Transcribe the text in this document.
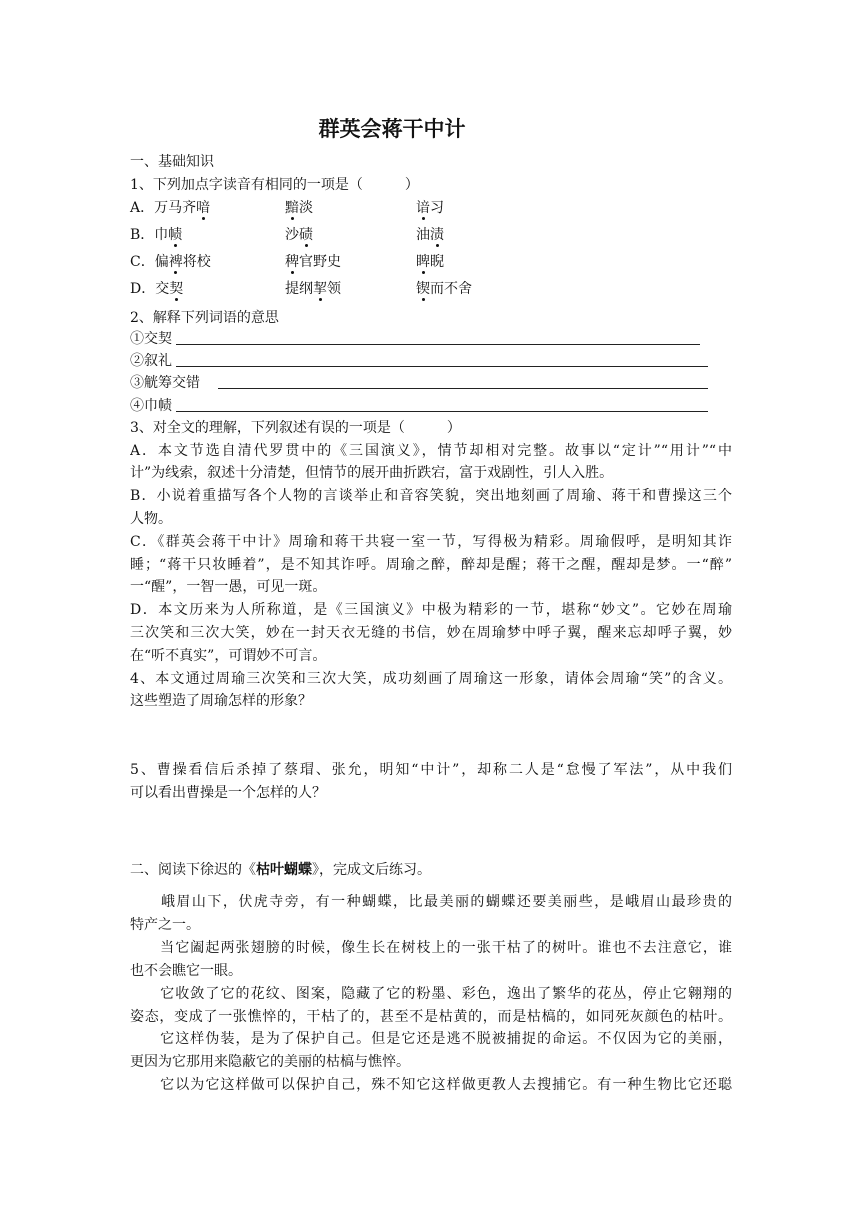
群英会蒋干中计
一、基础知识
1、下列加点字读音有相同的一项是（　　　）
A．万马齐喑	黯淡	谙习
B．巾帻	沙碛	油渍
C．偏裨将校	稗官野史	睥睨
D．交契	提纲挈领	锲而不舍
2、解释下列词语的意思
①交契
②叙礼
③觥筹交错
④巾帻
3、对全文的理解，下列叙述有误的一项是（　　　）
A．本文节选自清代罗贯中的《三国演义》，情节却相对完整。故事以“定计”“用计”“中
计”为线索，叙述十分清楚，但情节的展开曲折跌宕，富于戏剧性，引人入胜。
B．小说着重描写各个人物的言谈举止和音容笑貌，突出地刻画了周瑜、蒋干和曹操这三个
人物。
C．《群英会蒋干中计》周瑜和蒋干共寝一室一节，写得极为精彩。周瑜假呼，是明知其诈
睡；“蒋干只妆睡着”，是不知其诈呼。周瑜之醉，醉却是醒；蒋干之醒，醒却是梦。一“醉”
一“醒”，一智一愚，可见一斑。
D．本文历来为人所称道，是《三国演义》中极为精彩的一节，堪称“妙文”。它妙在周瑜
三次笑和三次大笑，妙在一封天衣无缝的书信，妙在周瑜梦中呼子翼，醒来忘却呼子翼，妙
在“听不真实”，可谓妙不可言。
4、本文通过周瑜三次笑和三次大笑，成功刻画了周瑜这一形象，请体会周瑜“笑”的含义。
这些塑造了周瑜怎样的形象？
5、曹操看信后杀掉了蔡瑁、张允，明知“中计”，却称二人是“怠慢了军法”，从中我们
可以看出曹操是一个怎样的人？
二、阅读下徐迟的《枯叶蝴蝶》，完成文后练习。
　　峨眉山下，伏虎寺旁，有一种蝴蝶，比最美丽的蝴蝶还要美丽些，是峨眉山最珍贵的
特产之一。
　　当它阖起两张翅膀的时候，像生长在树枝上的一张干枯了的树叶。谁也不去注意它，谁
也不会瞧它一眼。
　　它收敛了它的花纹、图案，隐藏了它的粉墨、彩色，逸出了繁华的花丛，停止它翱翔的
姿态，变成了一张憔悴的，干枯了的，甚至不是枯黄的，而是枯槁的，如同死灰颜色的枯叶。
　　它这样伪装，是为了保护自己。但是它还是逃不脱被捕捉的命运。不仅因为它的美丽，
更因为它那用来隐蔽它的美丽的枯槁与憔悴。
　　它以为它这样做可以保护自己，殊不知它这样做更教人去搜捕它。有一种生物比它还聪
